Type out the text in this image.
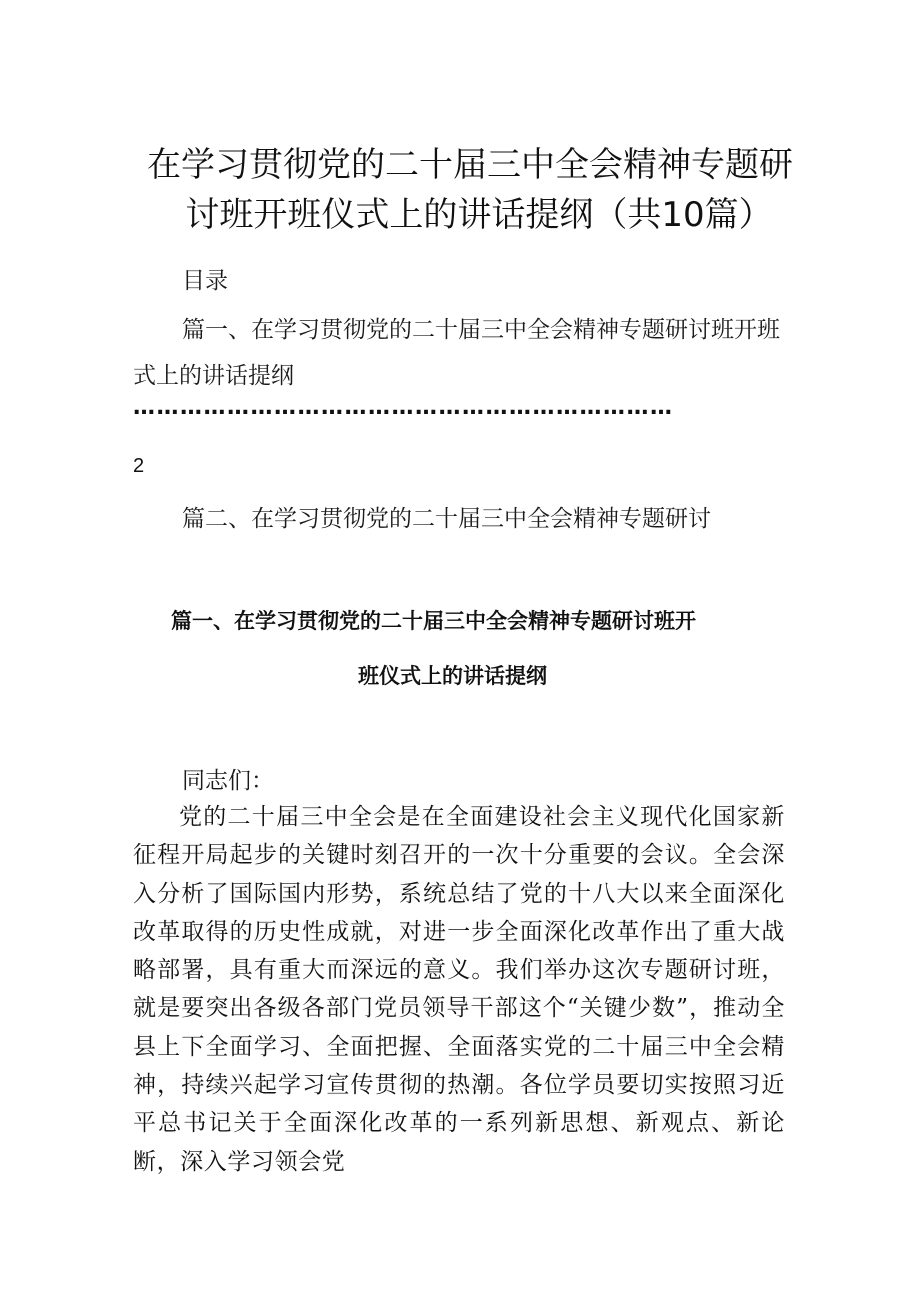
在学习贯彻党的二十届三中全会精神专题研
讨班开班仪式上的讲话提纲（共10篇）
目录
篇一、在学习贯彻党的二十届三中全会精神专题研讨班开班
式上的讲话提纲
……………………………………………………………
2
篇二、在学习贯彻党的二十届三中全会精神专题研讨
篇一、在学习贯彻党的二十届三中全会精神专题研讨班开
班仪式上的讲话提纲
同志们：
党的二十届三中全会是在全面建设社会主义现代化国家新征程开局起步的关键时刻召开的一次十分重要的会议。全会深入分析了国际国内形势，系统总结了党的十八大以来全面深化改革取得的历史性成就，对进一步全面深化改革作出了重大战略部署，具有重大而深远的意义。我们举办这次专题研讨班，就是要突出各级各部门党员领导干部这个“关键少数”，推动全县上下全面学习、全面把握、全面落实党的二十届三中全会精神，持续兴起学习宣传贯彻的热潮。各位学员要切实按照习近平总书记关于全面深化改革的一系列新思想、新观点、新论断，深入学习领会党
